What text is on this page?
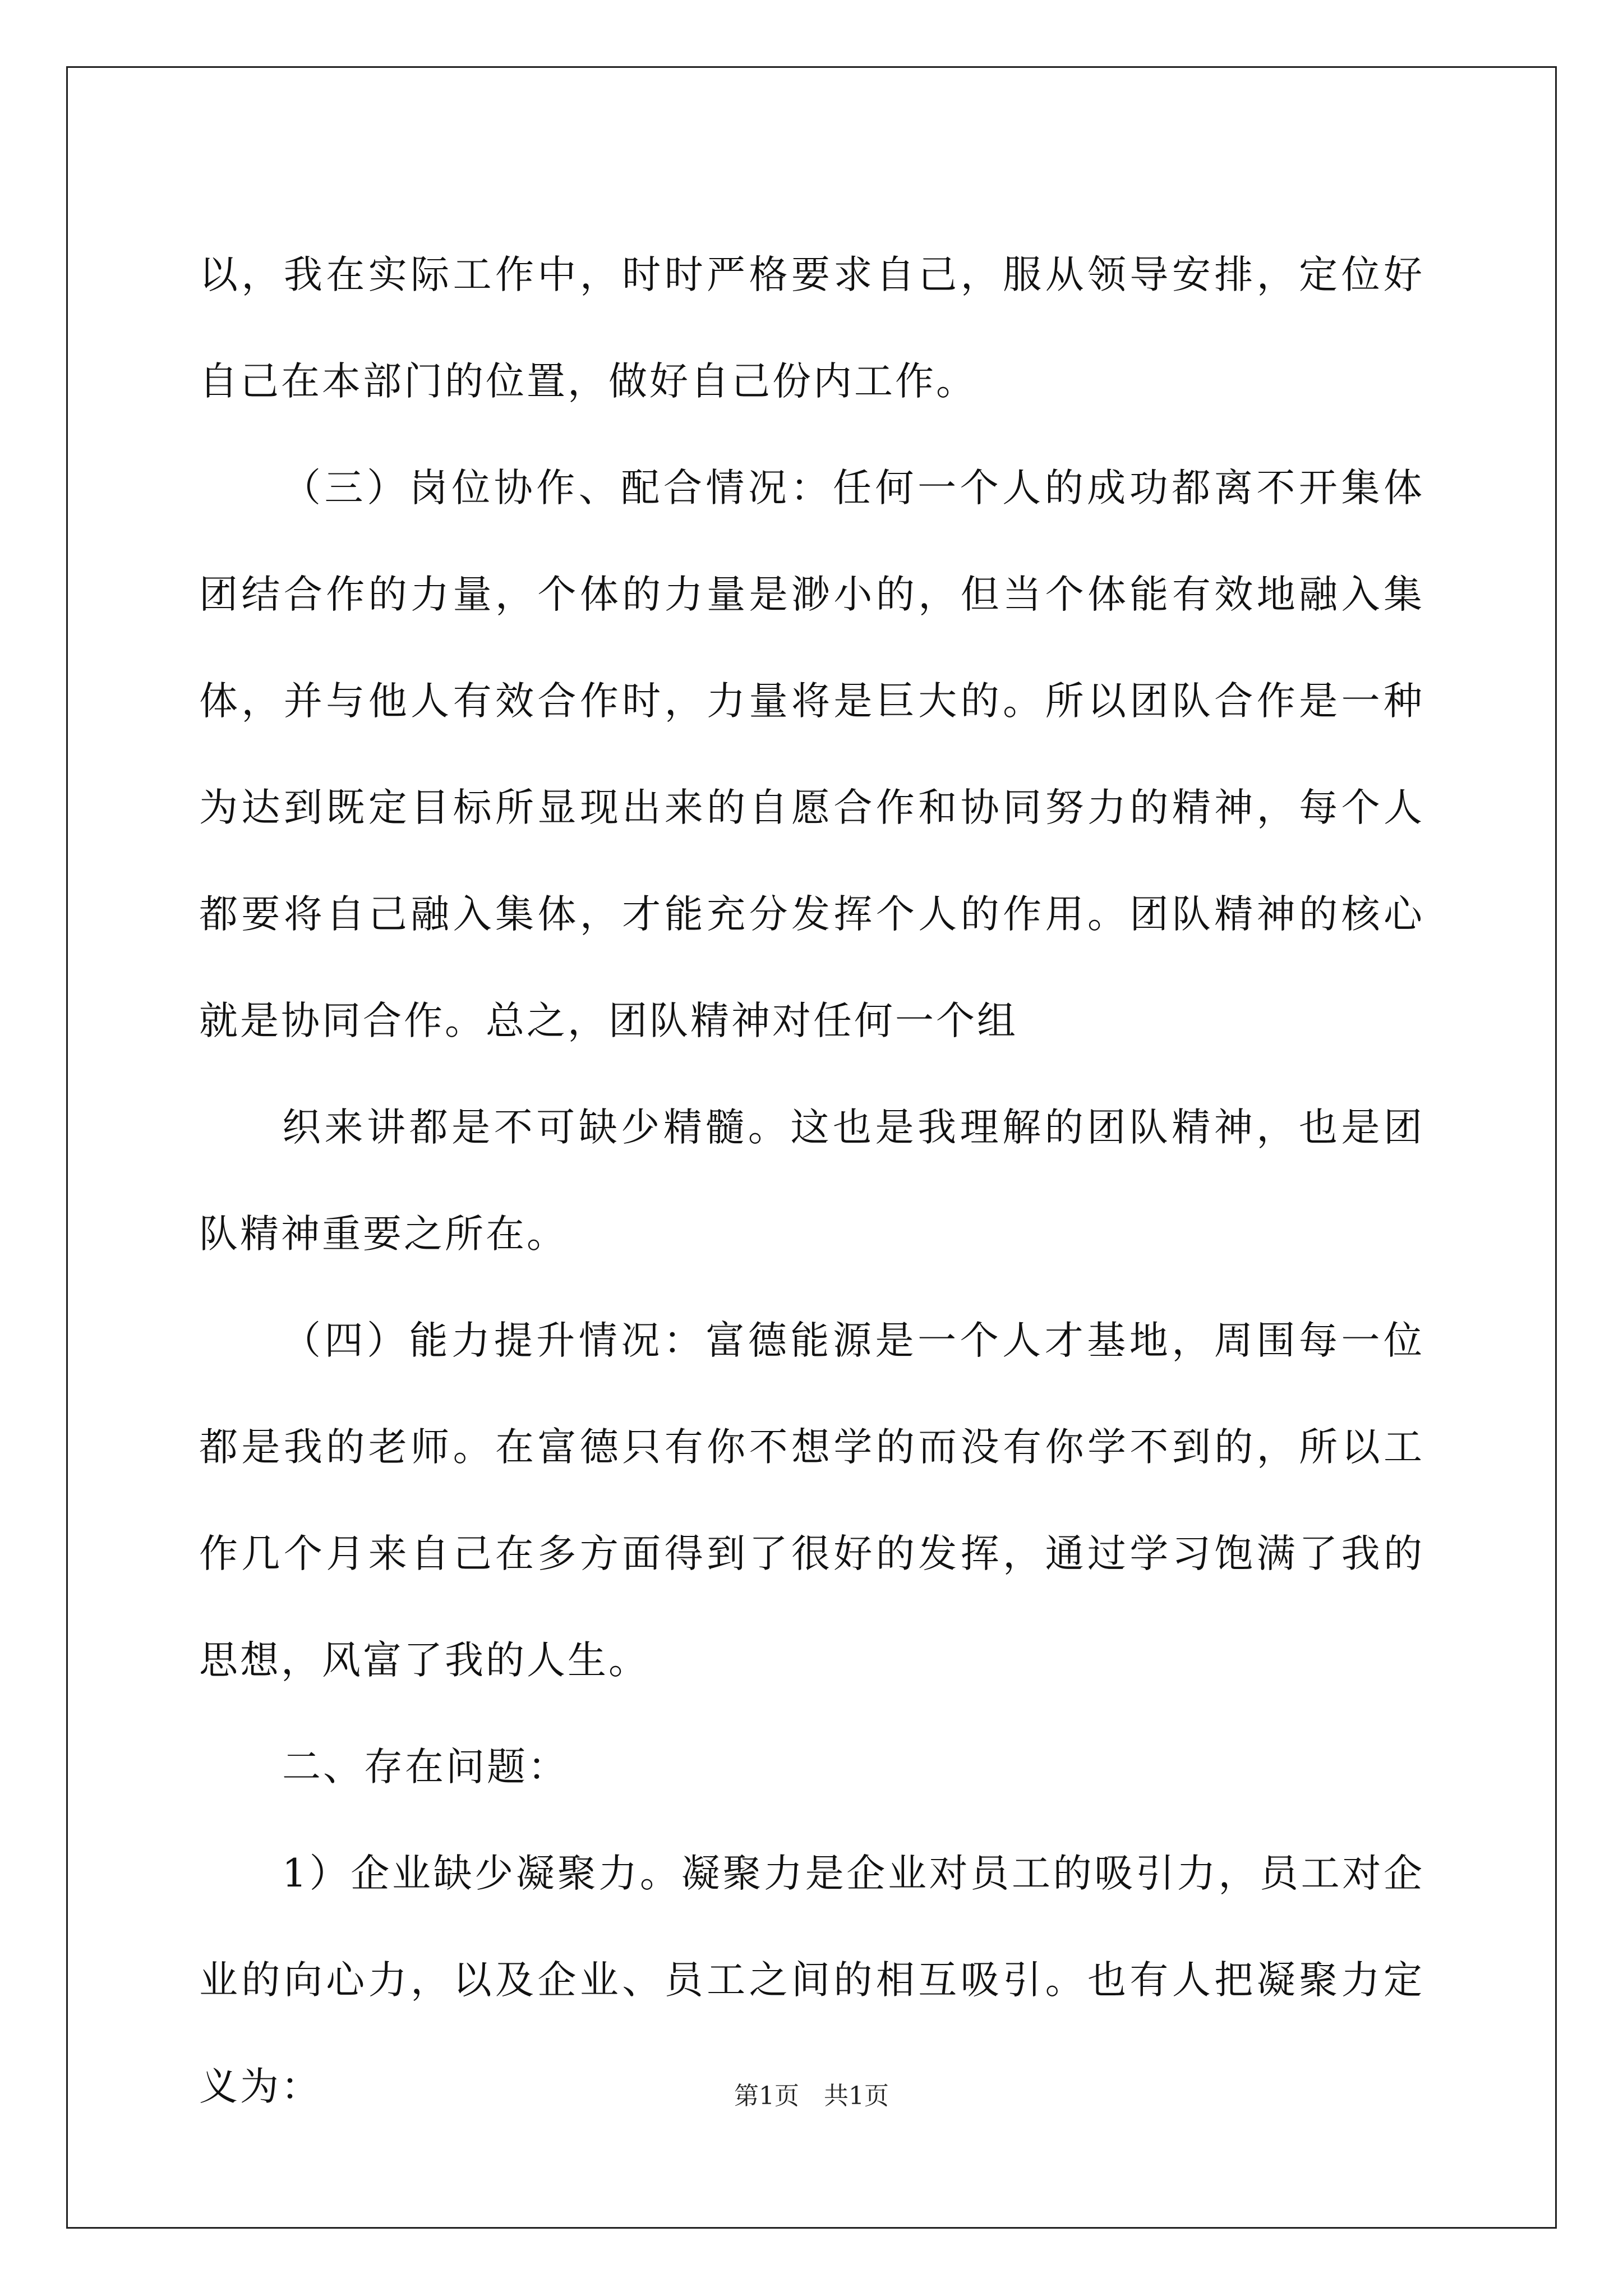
以，我在实际工作中，时时严格要求自己，服从领导安排，定位好自己在本部门的位置，做好自己份内工作。

（三）岗位协作、配合情况：任何一个人的成功都离不开集体团结合作的力量，个体的力量是渺小的，但当个体能有效地融入集体，并与他人有效合作时，力量将是巨大的。所以团队合作是一种为达到既定目标所显现出来的自愿合作和协同努力的精神，每个人都要将自己融入集体，才能充分发挥个人的作用。团队精神的核心就是协同合作。总之，团队精神对任何一个组

织来讲都是不可缺少精髓。这也是我理解的团队精神，也是团队精神重要之所在。

（四）能力提升情况：富德能源是一个人才基地，周围每一位都是我的老师。在富德只有你不想学的而没有你学不到的，所以工作几个月来自己在多方面得到了很好的发挥，通过学习饱满了我的思想，风富了我的人生。

二、存在问题：

1）企业缺少凝聚力。凝聚力是企业对员工的吸引力，员工对企业的向心力，以及企业、员工之间的相互吸引。也有人把凝聚力定义为：	第1页　共1页
